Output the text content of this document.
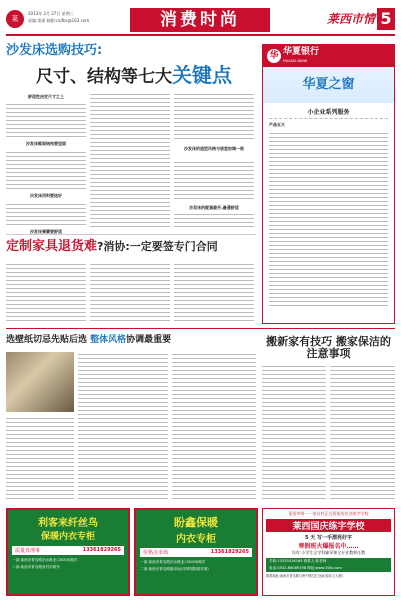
莱
2013年 2月 27日 星期三
责编:姜丽 邮箱:cxjfbs@163.com	消费时尚	莱西市情 5
沙发床选购技巧:
尺寸、结构等七大关键点
舒适性决定尺寸之上
沙发床框架结构要坚固
沙发床用料要选好
沙发床弹簧要舒适
沙发床的造型风格与居室协调一致
沙发床的配套款开,最通舒适
华 华夏银行
HUAXIA BANK
华夏之窗
小企业系列服务
产品五大
定制家具退货难?消协:一定要签专门合同
选壁纸切忌先贴后选 整体风格协调最重要	搬新家有技巧 搬家保洁的注意事项
利客来纤丝鸟
保暖内衣专柜
质量真理事	13361829265
一部:莱西市青岛路泊水路北口000米路东
二部:莱西市青岛路里村市路东
盼鑫保暖
内衣专柜
价格点市场	13361829265
一部:莱西市青岛路泊水路北口000米路东
二部:莱西市青岛路隆市场(泮梦园影剧对面)
莱西市唯一一家具有正式资质的民办练字学校
莱西国庆练字学校
5 天 写一手漂亮好字
寒假班火爆报名中……
设有:小学生全学科辅导课全专业教师任教
手机:13325016165 联系人:张老师
电话:0532-66089198 网址:www.30lx.com
联系地址:莱西市青岛路与州中路交汇处南(原乐立大厦)
